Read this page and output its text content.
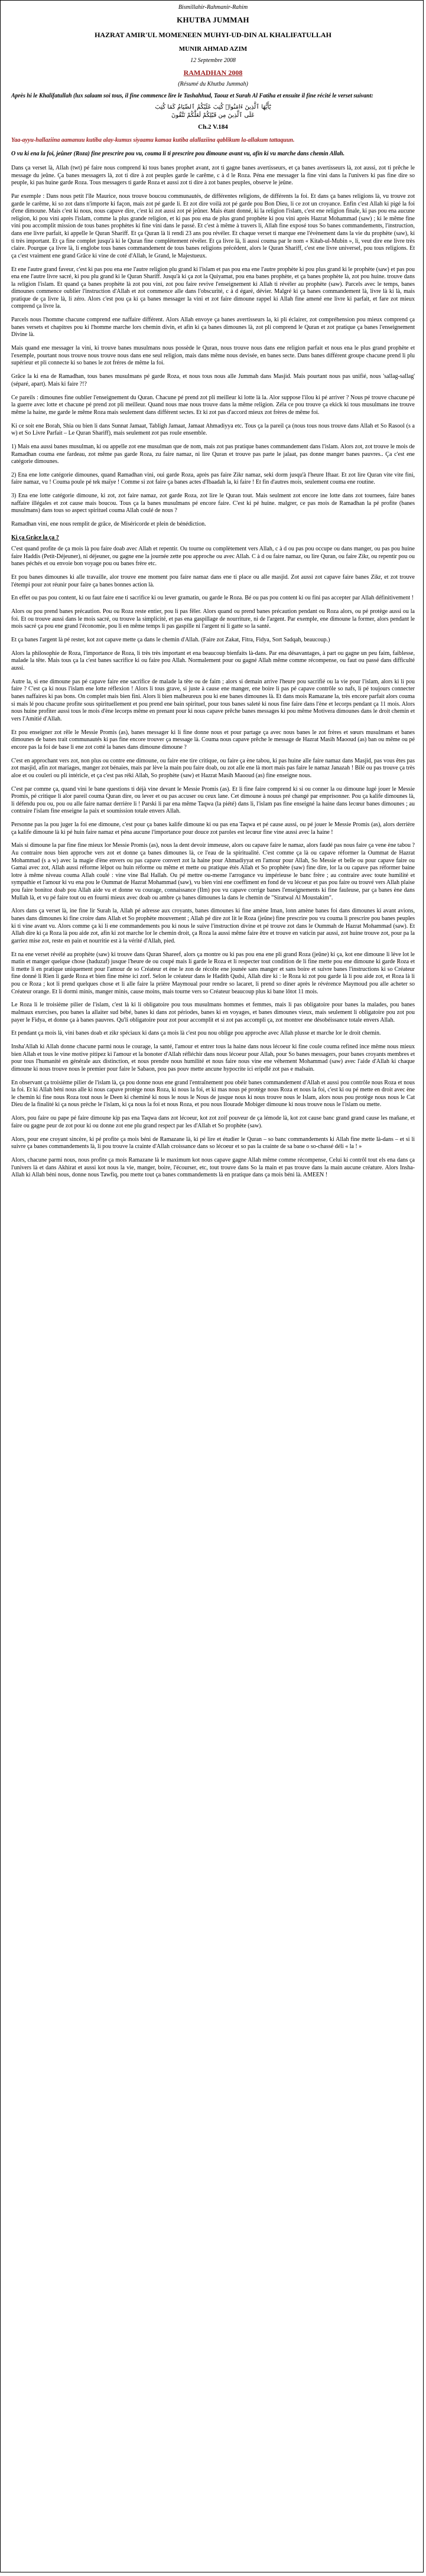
Bismillahir-Rahmanir-Rahim
KHUTBA JUMMAH
HAZRAT AMIR'UL MOMENEEN MUHYI-UD-DIN AL KHALIFATULLAH
MUNIR AHMAD AZIM
12 Septembre 2008
RAMADHAN 2008
(Résumé du Khutba Jummah)

Après hi le Khalifatullah (lux salaam soi tous, il fine commence lire le Tashahhud, Taouz et Surah Al Fatiha et ensuite il fine récité le verset suivant:

يَٰٓأَيُّهَا ٱلَّذِينَ ءَامَنُوا۟ كُتِبَ عَلَيْكُمُ ٱلصِّيَامُ كَمَا كُتِبَ
عَلَى ٱلَّذِينَ مِن قَبْلِكُمْ لَعَلَّكُمْ تَتَّقُونَ
Ch.2 V.184

Yaa-ayyu-hallaziina aamanuu kutiba alay-kumus siyaamu kamaa kutiba alallaziina qablikum la-allakum tattaquun.

O vu ki ena la foi, jeûner (Roza) fine prescrire pou vu, couma li ti prescrire pou dimoune avant vu, afin ki vu marche dans chemin Allah.

Dans ça verset là, Allah (twt) pé faire nous comprend ki tous banes prophet avant, zot ti gagne banes avertisseurs, et ça banes avertisseurs là, zot aussi, zot ti prêche le message du jeûne. Ça banes messagers là, zot ti dire à zot peuples garde le carême, c à d le Roza. Péna ene messager la fine vini dans la l'univers ki pas fine dire so peuple, ki pas huine garde Roza. Tous messagers ti garde Roza et aussi zot ti dire à zot banes peuples, observe le jeûne.

Par exemple : Dans nous petit l'île Maurice, nous trouve boucou communautés, de différentes religions, de différents la foi. Et dans ça banes religions là, vu trouve zot garde le carême, ki so zot dans n'importe ki façon, mais zot pé garde li. Et zot dire voilà zot pé garde pou Bon Dieu, li ce zot un croyance. Enfin c'est Allah ki pigé la foi d'ene dimoune. Mais c'est ki nous, nous capave dire, c'est ki zot aussi zot pé jeûner. Mais étant donné, ki la religion l'islam, c'est ene religion finale, ki pas pou ena aucune religion, ki pou vini après l'islam, comme la plus grande religion, et ki pas pou ena de plus grand prophète ki pou vini après Hazrat Mohammad (saw) ; ki le même fine vini pou accomplit mission de tous banes prophètes ki fine vini dans le passé. Et c'est à même à travers li, Allah fine exposé tous So banes commandements, l'instruction, dans ene livre parfait, ki appelle le Quran Shariff. Et ça Quran là li rendi 23 ans pou révéler. Et chaque verset ti marque ene l'évènement dans la vie du prophète (saw), ki ti très important. Et ça fine complet jusqu'à ki le Quran fine complètement révéler. Et ça livre là, li aussi couma par le nom « Kitab-ul-Mubin », li, veut dire ene livre très claire. Pourque ça livre là, li englobe tous banes commandement de tous banes religions précédent, alors le Quran Shariff, c'est ene livre universel, pou tous religions. Et ça c'est vraiment ene grand Grâce ki vine de coté d'Allah, le Grand, le Majestueux.

Et ene l'autre grand faveur, c'est ki pas pou ena ene l'autre religion plu grand ki l'islam et pas pou ena ene l'autre prophète ki pou plus grand ki le prophète (saw) et pas pou ena ene l'autre livre sacré, ki pou plu grand ki le Quran Shariff. Jusqu'à ki ça zot la Quiyamat, pou ena banes prophète, et ça banes prophète là, zot pou huine. trouve dans la religion l'islam. Et quand ça banes prophète là zot pou vini, zot pou faire revive l'enseignement ki Allah ti révéler au prophète (saw). Parcels avec le temps, banes dimounes commence oublier l'instruction d'Allah et zot commence alle dans l'obscurité, c à d égaré, dévier. Malgré ki ça banes commandement là, livre là ki là, mais pratique de ça livre là, li zéro. Alors c'est pou ça ki ça banes messager la vini et zot faire dimoune rappel ki Allah fine amené ene livre ki parfait, et fare zot mieux comprend ça livre la.

Parcels nous l'homme chacune comprend ene naffaire différent. Alors Allah envoye ça banes avertisseurs la, ki pli éclairer, zot compréhension pou mieux comprend ça banes versets et chapitres pou ki l'homme marche lors chemin divin, et afin ki ça banes dimounes là, zot pli comprend le Quran et zot pratique ça banes l'enseignement Divine là.

Mais quand ene messager la vini, ki trouve banes musulmans nous possède le Quran, nous trouve nous dans ene religion parfait et nous ena le plus grand prophète et l'exemple, pourtant nous trouve nous trouve nous dans ene seul religion, mais dans même nous devisée, en banes secte. Dans banes différent groupe chacune prend li plu supérieur et pli connecte ki so banes le zot fréres de même la foi.

Grâce la ki ena de Ramadhan, tous banes musulmans pé garde Roza, et nous tous nous alle Jummah dans Masjid. Mais pourtant nous pas unifié, nous 'sallag-sallag' (séparé, apart). Mais ki faire ?!?

Ce pareils : dimounes fine oublier l'enseignement du Quran. Chacune pé prend zot pli meilleur ki lotte là la. Alor suppose l'ilou ki pé arriver ? Nous pé trouve chacune pé la guerre avec lotte et chacune pé prend zot pli meilleur. Quand nous mae nous trouve dans la même religion. Zéla ce pou trouve ça ekick ki tous musulmans ine trouve même la haine, me garde le même Roza mais seulement dans différent sectes. Et ki zot pas d'accord mieux zot frères de même foi.

Ki ce soit ene Borah, Shia ou bien li dans Sunnat Jamaat, Tabligh Jamaat, Jamaat Ahmadiyya etc. Tous ça la pareil ça (nous tous nous trouve dans Allah et So Rasool (s a w) et So Livre Parfait – Le Quran Shariff), mais seulement zot pas roule ensemble.

1) Mais ena aussi banes musulman, ki ou appelle zot ene musulman que de nom, mais zot pas pratique banes commandement dans l'islam. Alors zot, zot trouve le mois de Ramadhan couma ene fardeau, zot même pas garde Roza, zu faire namaz, ni lire Quran et trouve pas parte le jalaat, pas donne manger banes pauvres.. Ça c'est ene catégorie dimounes.

2) Ena ene lotte catégorie dimounes, quand Ramadhan vini, oui garde Roza, après pas faire Zikr namaz, seki dorm jusqu'à l'heure Iftaar. Et zot lire Quran vite vite fini, faire namaz, vu ! Couma poule pé tek maïye ! Comme si zot faire ça banes actes d'Ibaadah la, ki faire ! Et fin d'autres mois, seulement couma ene routine.

3) Ena ene lotte catégorie dimoune, ki zot, zot faire namaz, zot garde Roza, zot lire le Quran tout. Mais seulment zot encore ine lotte dans zot tournees, faire banes naffaire illégales et zot cause mais boucou. Tous ça la banes musulmans pé encore faire. C'est ki pé huine. malgrer, ce pas mois de Ramadhan la pé profite (banes musulmans) dans tous so aspect spirituel couma Allah coulé de nous ?

Ramadhan vini, ene nous remplit de grâce, de Miséricorde et plein de bénédiction.

Ki ça Grâce la ça ?

C'est quand profite de ça mois là pou faire doab avec Allah et repentir. Ou tourne ou complètement vers Allah, c à d ou pas pou occupe ou dans manger, ou pas pou huine faire Haddis (Petit-Déjeuner), ni déjeuner, ou gagne ene la journée zette pou approche ou avec Allah. C à d ou faire namaz, ou lire Quran, ou faire Zikr, ou repentir pou ou banes péchés et ou envoie bon voyage pou ou banes frère etc.

Et pou banes dimounes ki alle travaille, alor trouve ene moment pou faire namaz dans ene ti place ou alle masjid. Zot aussi zot capave faire banes Zikr, et zot trouve l'étempi pour zot réunir pour faire ça banes bonnes action là.

En effet ou pas pou content, ki ou faut faire ene ti sacrifice ki ou lever gramatin, ou garde le Roza. Bé ou pas pou content ki ou fini pas accepter par Allah définitivement !

Alors ou pou prend banes précaution. Pou ou Roza reste entier, pou li pas fêler. Alors quand ou prend banes précaution pendant ou Roza alors, ou pé protège aussi ou la foi. Et ou trouve aussi dans le mois sacré, ou trouve la simplicité, et pas ena gaspillage de nourriture, ni de l'argent. Par exemple, ene dimoune la former, alors pendant le mois sacré ça pou ene grand l'économie, pou li en même temps li pas gaspille ni l'argent ni li gatte so la santé.

Et ça banes l'argent là pé rester, kot zot capave mette ça dans le chemin d'Allah. (Faire zot Zakat, Fitra, Fidya, Sort Sadqah, beaucoup.)

Alors la philosophie de Roza, l'importance de Roza, li très très important et ena beaucoup bienfaits là-dans. Par ena désavantages, à part ou gagne un peu faim, faiblesse, malade la tête. Mais tous ça la c'est banes sacrifice ki ou faire pou Allah. Normalement pour ou gagné Allah même comme récompense, ou faut ou passé dans difficulté aussi.

Autre la, si ene dimoune pas pé capave faire ene sacrifice de malade la tête ou de faim ; alors si demain arrive l'heure pou sacrifié ou la vie pour l'islam, alors ki li pou faire ? C'est ça ki nous l'islam ene lotte réflexion ! Alors li tous grave, si juste à cause ene manger, ene boire li pas pé capave contrôle so nafs, li pé toujours connecter banes naffaires ki pas bons. On complet mais bien fini. Alors li bien malheureux pou ki ene banes dimounes là. Et dans mois Ramazane la, très encore parfait alors couma si mais lé pou chacune profite sous spirituellement et pou prend ene bain spirituel, pour tous banes saleté ki nous fine faire dans l'ène et lecorps pendant ça 11 mois. Alors nous huine profiter aussi tous le mois d'ène lecorps même en prenant pour ki nous capave prêche banes messages ki pou même Motivera dimounes dans le droit chemin et vers l'Amitié d'Allah.

Et pou enseigner zot rêle le Messie Promis (as), banes messager ki li fine donne nous et pour partage ça avec nous banes le zot frères et sœurs musulmans et banes dimounes de banes trait communautés ki pas fine encore trouver ça message là. Couma nous capave prêche le message de Hazrat Masih Maooud (as) ban ou même ou pé encore pas la foi de base li ene zot cotté la banes dans dimoune dimoune ?

C'est en approchant vers zot, non plus ou contre ene dimoune, ou faire ene tire critique, ou faire ça ène tabou, ki pas huine alle faire namaz dans Masjid, pas vous êtes pas zot masjid, afin zot mariages, manger zot bénaies, mais par lève la main pou faire doab, ou zot alle ene là mort mais pas faire le namaz Janazah ! Bilé ou pas trouve ça très aloe et ou couleri ou pli intéricle, et ça c'est pas réki Allah, So prophète (saw) et Hazrat Masih Maooud (as) fine enseigne nous.

C'est par comme ça, quand vini le bane questions ti déjà vine devant le Messie Promis (as). Et li fine faire comprend ki si ou conner la ou dimoune lugé jouer le Messie Promis, pé critique li alor pareil couma Quran dire, ou lever et ou pas accuser ou ceux lane. Cet dimoune à nouus pré changé par emprisonner. Pou ça kalife dimounes là, li défendu pou ou, pou ou alle faire namaz derrière li ! Parski li par ena même Taqwa (la piété) dans li, l'islam pas fine enseigné la haine dans lecœur banes dimounes ; au contraire l'islam fine enseigne la paix et soumission totale envers Allah.

Personne pas la pou juger la foi ene dimoune, c'est pour ça banes kalife dimoune ki ou pas ena Taqwa et pé cause aussi, ou pé jouer le Messie Promis (as), alors derrière ça kalife dimoune là ki pé huin faire namaz et péna aucune l'importance pour douce zot paroles est lecœur fine vine aussi avec la haine !

Mais si dimoune la par fine fine mieux lor Messie Promis (as), nous la dent devoir immeuse, alors ou capave faire le namaz, alors faudé pas nous faire ça vene ène tabou ? Au contraire nous bien approche vers zot et donne ça banes dimounes là, ce l'eau de la spiritualité. C'est comme ça là ou capave réformer la Oummat de Hazrat Mohammad (s a w) avec la magie d'ène envers ou pas capave convert zot la haine pour Ahmadiyyat en l'amour pour Allah, So Messie et belle ou pour capave faire ou Gamai avec zot, Allah aussi réforme lèlpot ou huin réforme ou même et mette ou pratique étés Allah et So prophète (saw) fine dire, lor la ou capave pas réformer baine lotre à même niveau couma Allah coulé : vine vine Bal Hallah. Ou pé mettre ou-meme l'arrogance vu impérieuse le banc frère ; au contraire avec toute humilité et sympathie et l'amour ki vu ena pou le Oummat de Hazrat Mohammad (saw), vu bien vini ene coeffiment en fond de vu lécoeur et pas pou faire ou trouvé vers Allah plaise pou faire bonitoz doab pou Allah aide vu et donne vu courage, connaissance (Ilm) pou vu capave corrige banes l'enseignements ki fine fauleuse, par ça banes ène dans Mullah là, et vu pé faire tout ou en fourni mieux avec doab ou ambre ça banes dimounes la dans le chemin de "Siratwal Al Moustakim".

Alors dans ça verset là, ine fine lir Surah la, Allah pé adresse aux croyants, banes dimounes ki fine amène Iman, lonn amène banes foi dans dimounes ki avant avions, banes dans dimounes ki fine croire dans Allah et So prophète mouvement ; Allah pé dire zot lit le Roza (jeûne) fine prescrire pou vu couma li prescrire pou banes peuples ki ti vine avant vu. Alors comme ça ki li ene commandements pou ki nous le suive l'instruction divine et pé trouve zot dans le Oummah de Hazrat Mohammad (saw). Et Allah dire ki ça Roza là pou aide zot, afin ki zot marche lor le chemin droit, ça Roza la aussi même faire être et trouve en vaticin par aussi, zot huine trouve zot, pour pa la garriez mise zot, reste en pain et nourritie est à la vérité d'Allah, pied.

Et na ene verset révélé au prophète (saw) ki trouve dans Quran Shareef, alors ça montre ou ki pas pou ena ene pli grand Roza (jeûne) ki ça, kot ene dimoune li lève lot le matin et manger quelque chose (haduzaf) jusque l'heure de ou coupé mais li garde le Roza et li respecter tout condition de li fine mette pou ene dimoune ki garde Roza et li mette li en pratique uniquement pour l'amour de so Créateur et ène le zon de récolte ene jounée sans manger et sans boire et suivre banes l'instructions ki so Créateur fine donné li Rien li garde Roza et bien fine mène ici zorf. Selon le créateur dans le Hadith Qudsi, Allah dire ki : le Roza ki zot pou garde là li pou aide zot, et Roza là li pou ce Roza ; kot li prend quelques chose et li alle faire la prière Maymoual pour rendre so lacaret, li prend so diner après le révérence Maymoud pou alle acheter so Créateur orange. Et li dormi minis, manger minis, cause moins, mais tourne vers so Créateur beaucoup plus ki bane lôtot 11 mois.

Le Roza li le troisième pilier de l'islam, c'est là ki li obligatoire pou tous musulmans hommes et femmes, mais li pas obligatoire pour banes la malades, pou banes malmaux exercises, pou banes la allaiter sud bébé, banes ki dans zot périodes, banes ki en voyages, et banes dimounes vieux, mais seulement li obligatoire pou zot pou payer le Fidya, et donne ça à banes pauvres. Qu'li obligatoire pour zot pour accomplit et si zot pas accompli ça, zot montrer ene désobéissance totale envers Allah.

Et pendant ça mois là, vini banes doab et zikr spéciaux ki dans ça mois là c'est pou nou oblige pou approche avec Allah plusse et marche lor le droit chemin.

Insha'Allah ki Allah donne chacune parmi nous le courage, la santé, l'amour et entrer tous la haine dans nous lécoeur ki fine coule couma refined ince même nous mieux bien Allah et tous le vine motive pitipez ki l'amour et la bonoter d'Allah réfléchir dans nous lécoeur pour Allah, pour So banes messagers, pour banes croyants membres et pour tous l'humanité en générale aux distinction, et nous prendre nous humilité et nous faire nous vine ene véhement Mohammad (saw) avec l'aide d'Allah ki chaque dimoune ki nous trouve nous le premier pour faire le Sabaon, pou pas pouv mette ancune hypocrite ici eripdlé zot pas e malsain.

En observant ça troisième pilier de l'islam là, ça pou donne nous ene grand l'entraînement pou obéir banes commandement d'Allah et aussi pou contrôle nous Roza et nous la foi. Et ki Allah béni nous alle ki nous capave protège nous Roza, ki nous la foi, et ki mas nous pé protège nous Roza et nous la foi, c'est ki ou pé mette en droit avec ène le chemin ki fine nous Roza tout nous le Deen ki cheminé ki nous le nous le Nous de jusque nous ki nous trouve nous le Islam, alors nous pou protège nous nous le Cat Dieu de la finalité ki ça nous prèche le l'islam, ki ça nous la foi et nous Roza, et pou nous Ilourade Mobiger dimoune ki nous trouve nous le l'islam ou mette.

Alors, pou faire ou pape pé faire dimoune kip pas ena Taqwa dans zot lécoeur, kot zot zoif pouveur de ça lémode là, kot zot cause banc grand grand cause les mañane, et faire ou gagne peur de zot pour ki ou donne zot ene plu grand respect par les d'Allah et So prophète (saw).

Alors, pour ene croyant sincère, ki pé profite ça mois béni de Ramazane là, ki pé lire et étudier le Quran – so banc commandements ki Allah fine mette là-dans – et si li suivre ça banes commandements là, li pou trouve la crainte d'Allah croissance dans so lécoeur et so pas la crainte de sa bane o so-chassé déli « la ! »

Alors, chacune parmi nous, nous profite ça mois Ramazane là le maximum kot nous capave gagne Allah même comme récompense, Celui ki contrôl tout els ena dans ça l'univers là et dans Akhirat et aussi kot nous la vie, manger, boire, l'écourser, etc, tout trouve dans So la main et pas trouve dans la main aucune créature. Alors Insha-Allah ki Allah béni nous, donne nous Tawfiq, pou mette tout ça banes commandements là en pratique dans ça mois béni là. AMEEN !
